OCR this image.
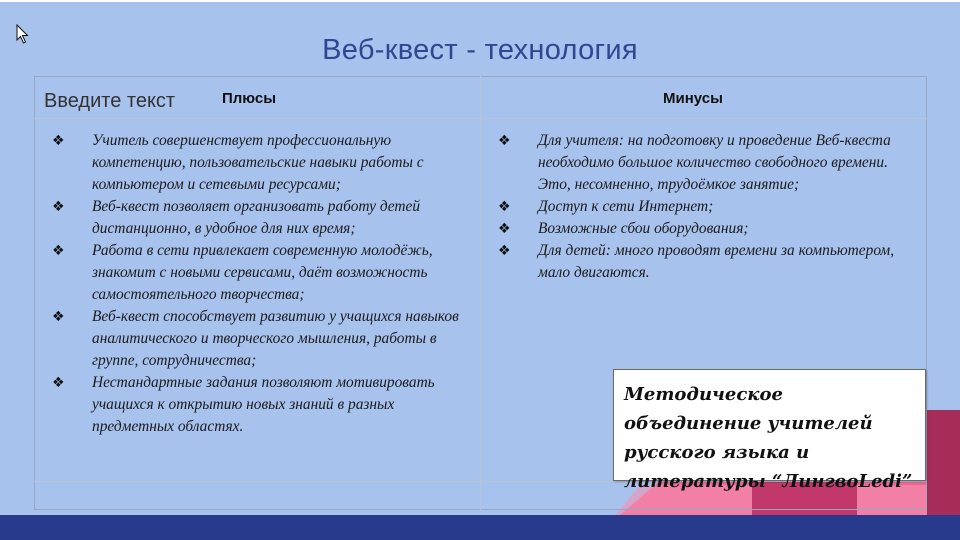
Веб-квест - технология
Введите текст	Плюсы	Минусы
❖ Учитель совершенствует профессиональную компетенцию, пользовательские навыки работы с компьютером и сетевыми ресурсами;
❖ Веб-квест позволяет организовать работу детей дистанционно, в удобное для них время;
❖ Работа в сети привлекает современную молодёжь, знакомит с новыми сервисами, даёт возможность самостоятельного творчества;
❖ Веб-квест способствует развитию у учащихся навыков аналитического и творческого мышления, работы в группе, сотрудничества;
❖ Нестандартные задания позволяют мотивировать учащихся к открытию новых знаний в разных предметных областях.
❖ Для учителя: на подготовку и проведение Веб-квеста необходимо большое количество свободного времени. Это, несомненно, трудоёмкое занятие;
❖ Доступ к сети Интернет;
❖ Возможные сбои оборудования;
❖ Для детей: много проводят времени за компьютером, мало двигаются.
Методическое объединение учителей русского языка и литературы “ЛингвоLedi”
